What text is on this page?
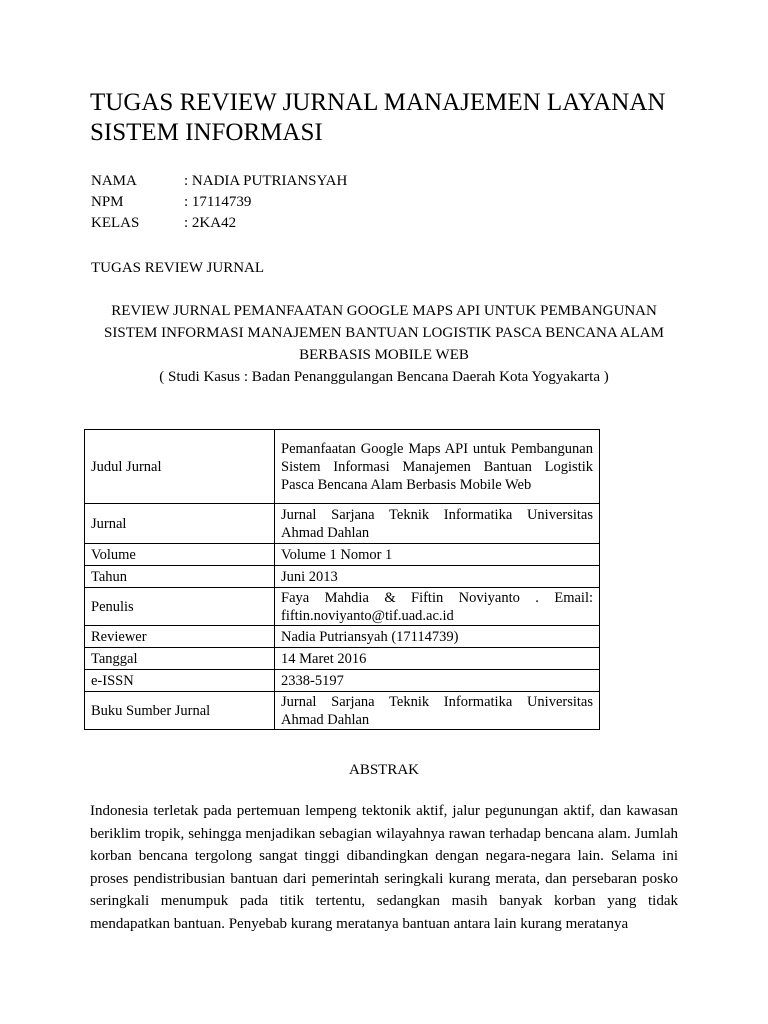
TUGAS REVIEW JURNAL MANAJEMEN LAYANAN
SISTEM INFORMASI
NAMA	: NADIA PUTRIANSYAH
NPM	: 17114739
KELAS	: 2KA42
TUGAS REVIEW JURNAL
REVIEW JURNAL PEMANFAATAN GOOGLE MAPS API UNTUK PEMBANGUNAN
SISTEM INFORMASI MANAJEMEN BANTUAN LOGISTIK PASCA BENCANA ALAM
BERBASIS MOBILE WEB
( Studi Kasus : Badan Penanggulangan Bencana Daerah Kota Yogyakarta )
Judul Jurnal	Pemanfaatan Google Maps API untuk Pembangunan Sistem Informasi Manajemen Bantuan Logistik Pasca Bencana Alam Berbasis Mobile Web
Jurnal	Jurnal Sarjana Teknik Informatika Universitas Ahmad Dahlan
Volume	Volume 1 Nomor 1
Tahun	Juni 2013
Penulis	Faya Mahdia & Fiftin Noviyanto . Email: fiftin.noviyanto@tif.uad.ac.id
Reviewer	Nadia Putriansyah (17114739)
Tanggal	14 Maret 2016
e-ISSN	2338-5197
Buku Sumber Jurnal	Jurnal Sarjana Teknik Informatika Universitas Ahmad Dahlan
ABSTRAK

Indonesia terletak pada pertemuan lempeng tektonik aktif, jalur pegunungan aktif, dan kawasan beriklim tropik, sehingga menjadikan sebagian wilayahnya rawan terhadap bencana alam. Jumlah korban bencana tergolong sangat tinggi dibandingkan dengan negara-negara lain. Selama ini proses pendistribusian bantuan dari pemerintah seringkali kurang merata, dan persebaran posko seringkali menumpuk pada titik tertentu, sedangkan masih banyak korban yang tidak mendapatkan bantuan. Penyebab kurang meratanya bantuan antara lain kurang meratanya
